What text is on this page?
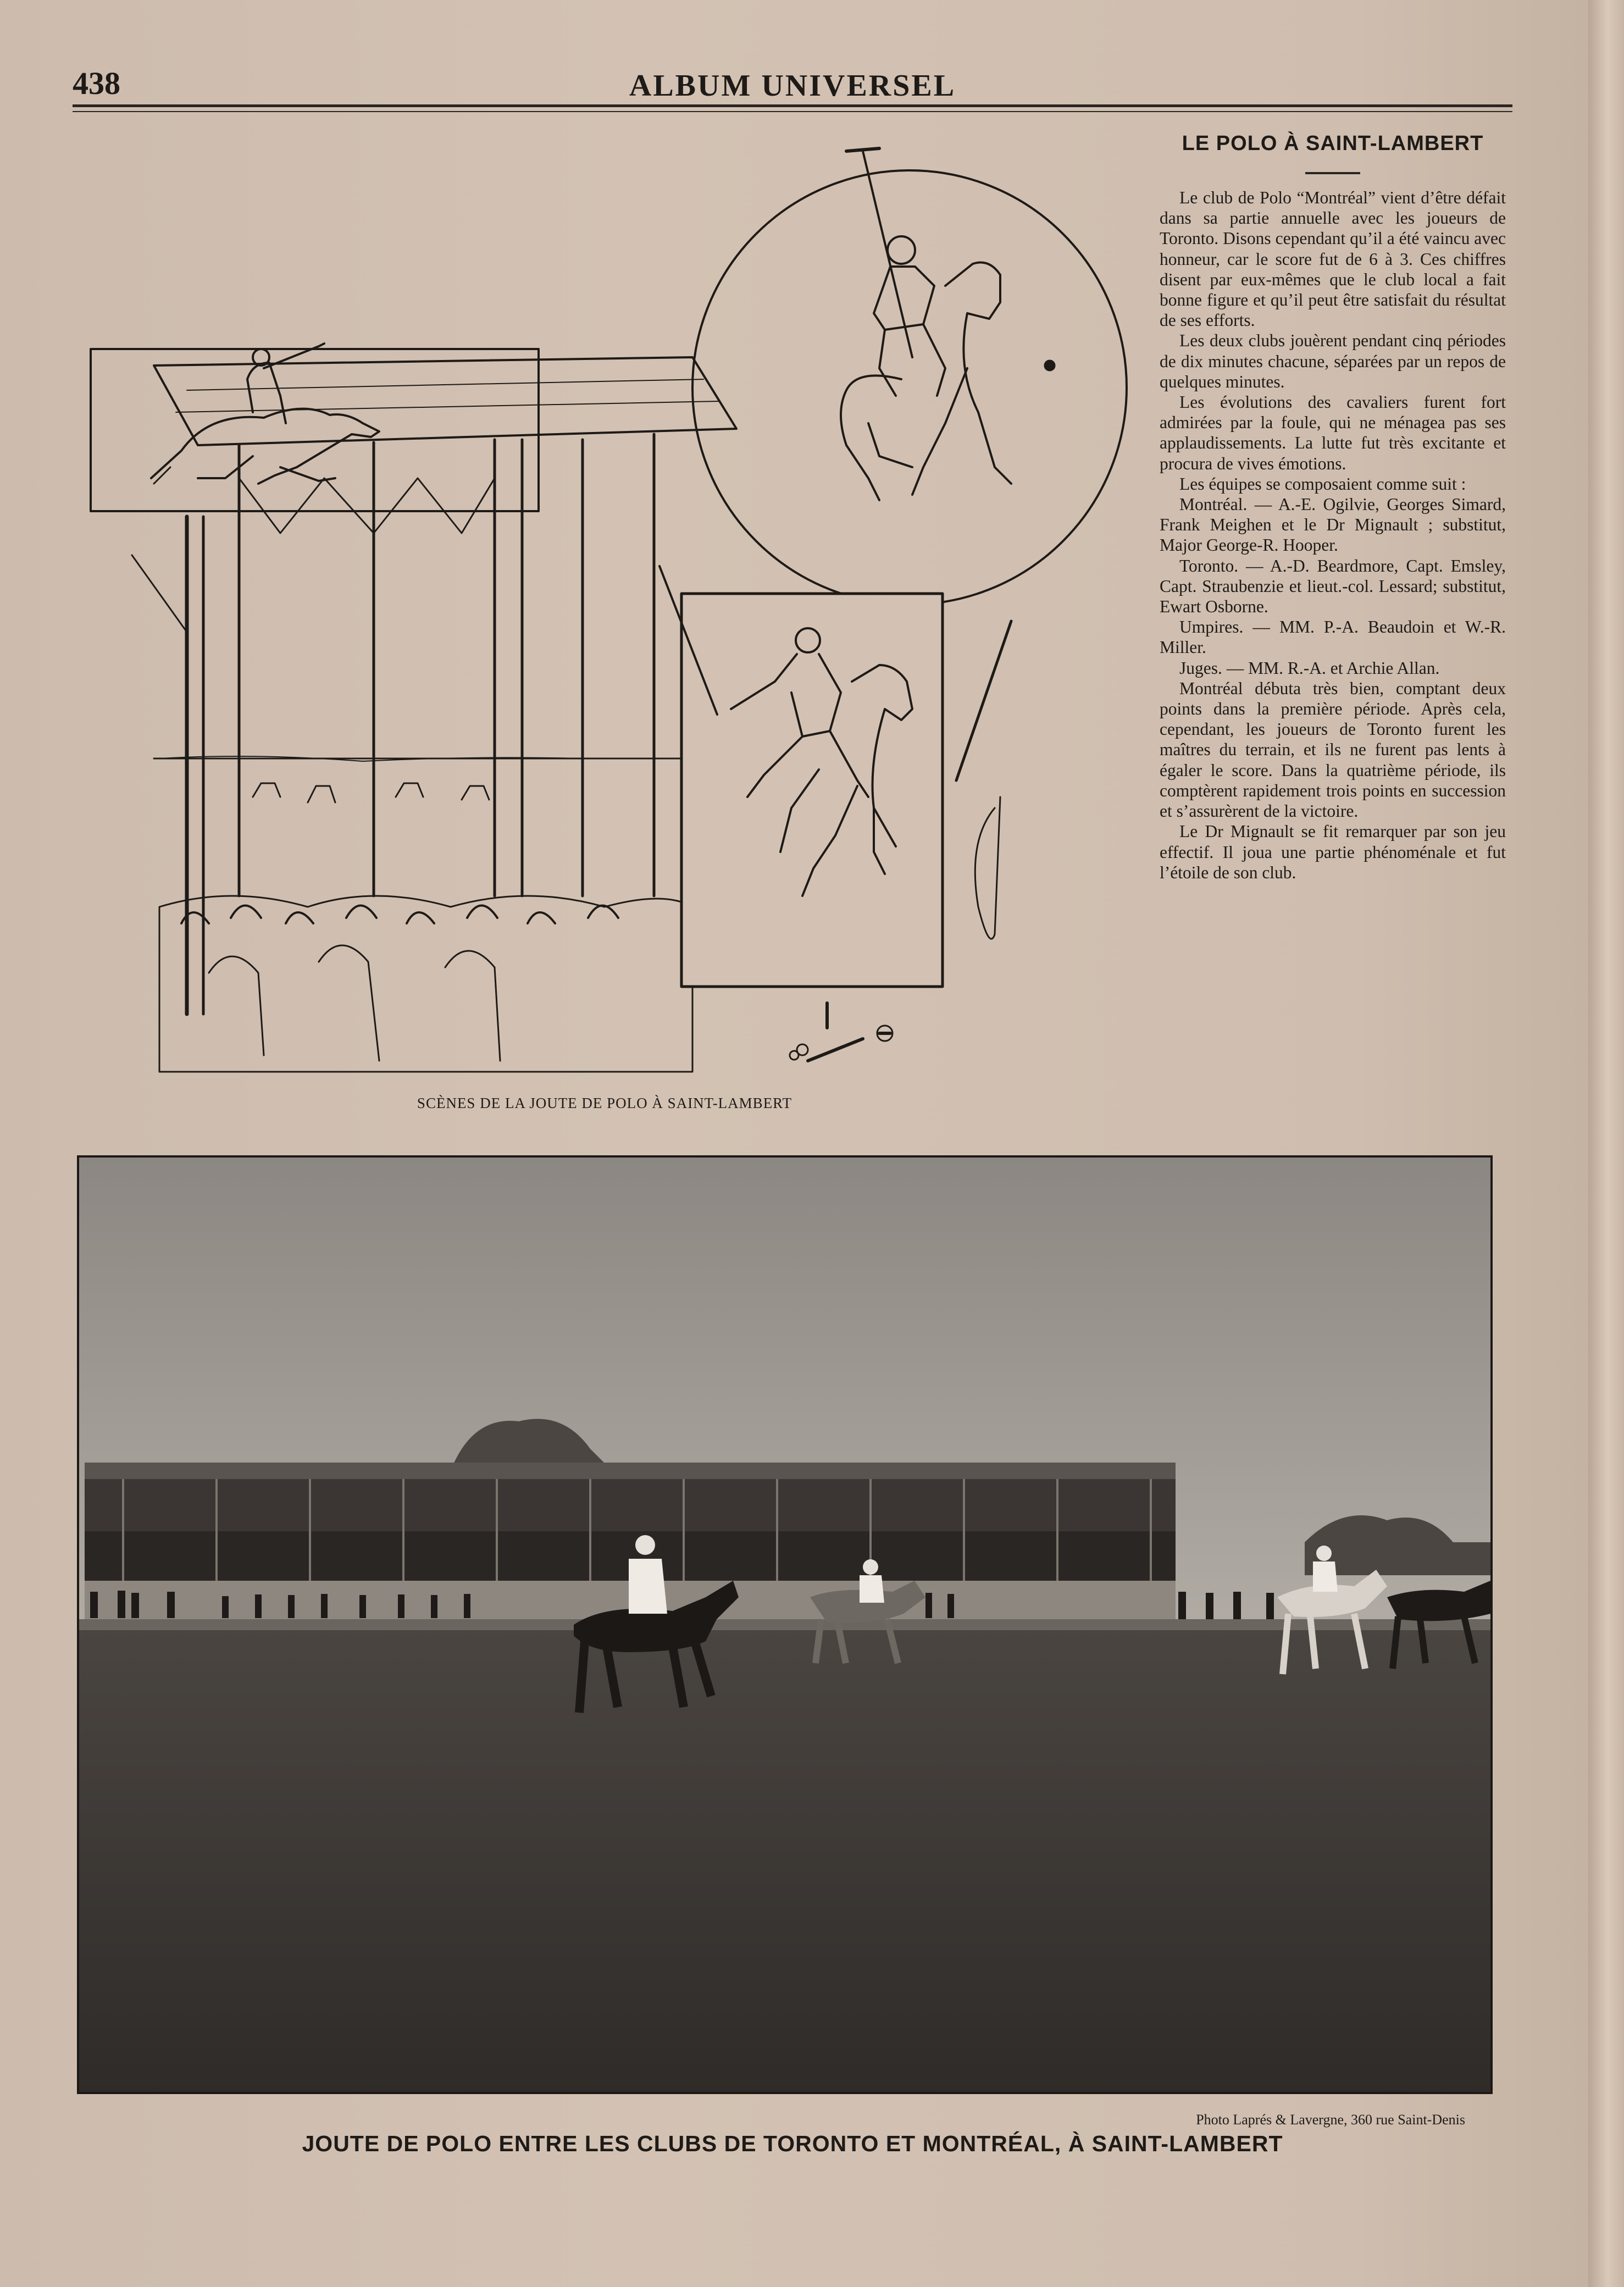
438	ALBUM UNIVERSEL
SCÈNES DE LA JOUTE DE POLO À SAINT-LAMBERT
LE POLO À SAINT-LAMBERT

Le club de Polo “Montréal” vient d’être défait dans sa partie annuelle avec les joueurs de Toronto. Disons cependant qu’il a été vaincu avec honneur, car le score fut de 6 à 3. Ces chiffres disent par eux-mêmes que le club local a fait bonne figure et qu’il peut être satisfait du résultat de ses efforts.

Les deux clubs jouèrent pendant cinq périodes de dix minutes chacune, séparées par un repos de quelques minutes.

Les évolutions des cavaliers furent fort admirées par la foule, qui ne ménagea pas ses applaudissements. La lutte fut très excitante et procura de vives émotions.

Les équipes se composaient comme suit :

Montréal. — A.-E. Ogilvie, Georges Simard, Frank Meighen et le Dr Mignault ; substitut, Major George-R. Hooper.

Toronto. — A.-D. Beardmore, Capt. Emsley, Capt. Straubenzie et lieut.-col. Lessard; substitut, Ewart Osborne.

Umpires. — MM. P.-A. Beaudoin et W.-R. Miller.

Juges. — MM. R.-A. et Archie Allan.

Montréal débuta très bien, comptant deux points dans la première période. Après cela, cependant, les joueurs de Toronto furent les maîtres du terrain, et ils ne furent pas lents à égaler le score. Dans la quatrième période, ils comptèrent rapidement trois points en succession et s’assurèrent de la victoire.

Le Dr Mignault se fit remarquer par son jeu effectif. Il joua une partie phénoménale et fut l’étoile de son club.

Photo Laprés & Lavergne, 360 rue Saint-Denis
JOUTE DE POLO ENTRE LES CLUBS DE TORONTO ET MONTRÉAL, À SAINT-LAMBERT
